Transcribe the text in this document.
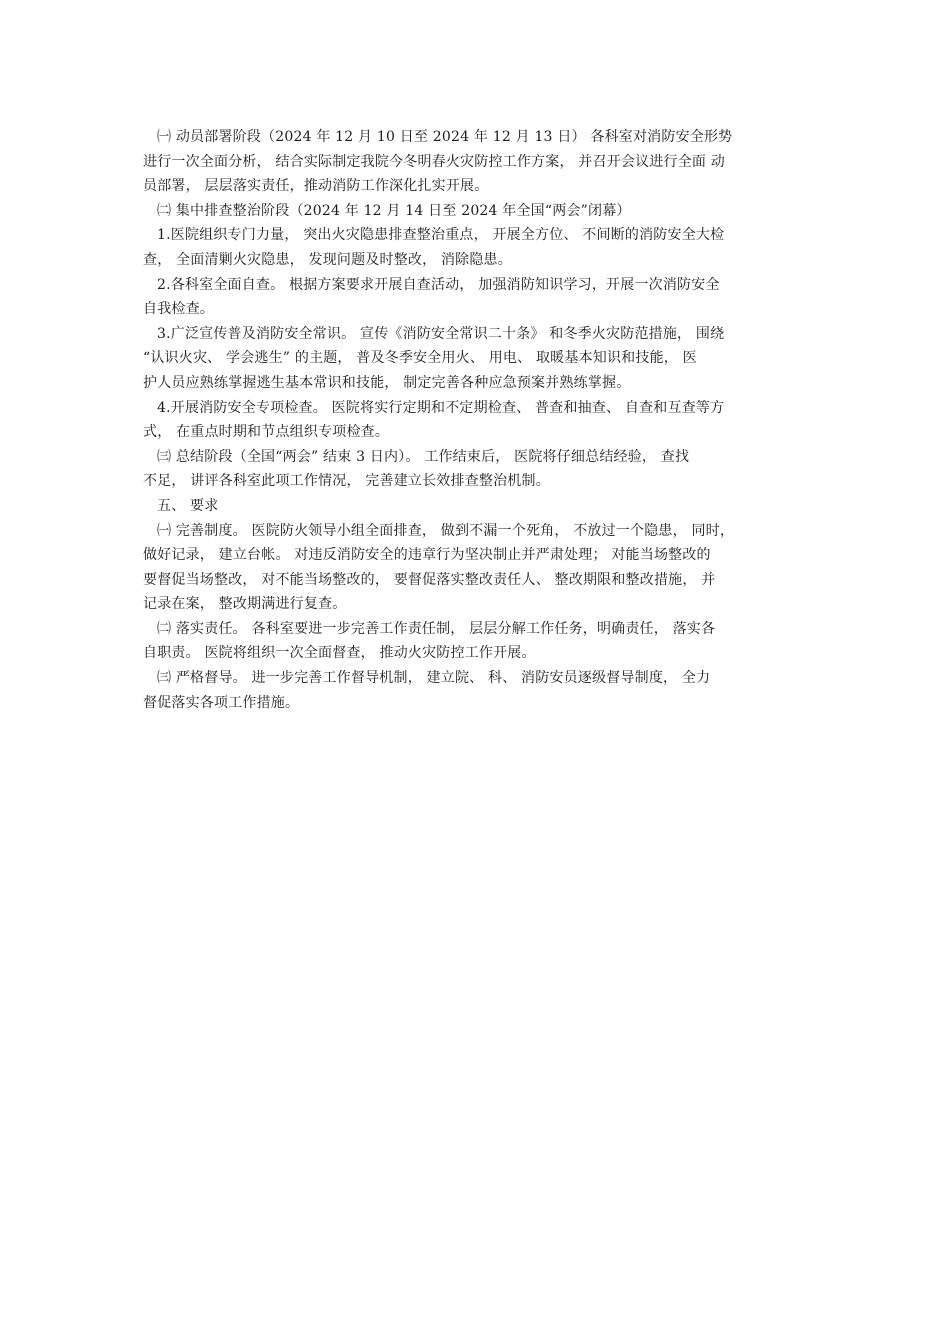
㈠ 动员部署阶段（2024 年 12 月 10 日至 2024 年 12 月 13 日） 各科室对消防安全形势
进行一次全面分析， 结合实际制定我院今冬明春火灾防控工作方案， 并召开会议进行全面 动
员部署， 层层落实责任，推动消防工作深化扎实开展。
㈡ 集中排查整治阶段（2024 年 12 月 14 日至 2024 年全国“两会”闭幕）
1.医院组织专门力量， 突出火灾隐患排查整治重点， 开展全方位、 不间断的消防安全大检
查， 全面清剿火灾隐患， 发现问题及时整改， 消除隐患。
2.各科室全面自查。 根据方案要求开展自查活动， 加强消防知识学习，开展一次消防安全
自我检查。
3.广泛宣传普及消防安全常识。 宣传《消防安全常识二十条》 和冬季火灾防范措施， 围绕
“认识火灾、 学会逃生” 的主题， 普及冬季安全用火、 用电、 取暖基本知识和技能， 医
护人员应熟练掌握逃生基本常识和技能， 制定完善各种应急预案并熟练掌握。
4.开展消防安全专项检查。 医院将实行定期和不定期检查、 普查和抽查、 自查和互查等方
式， 在重点时期和节点组织专项检查。
㈢ 总结阶段（全国“两会” 结束 3 日内）。 工作结束后， 医院将仔细总结经验， 查找
不足， 讲评各科室此项工作情况， 完善建立长效排查整治机制。
五、 要求
㈠ 完善制度。 医院防火领导小组全面排查， 做到不漏一个死角， 不放过一个隐患， 同时，
做好记录， 建立台帐。 对违反消防安全的违章行为坚决制止并严肃处理； 对能当场整改的
要督促当场整改， 对不能当场整改的， 要督促落实整改责任人、 整改期限和整改措施， 并
记录在案， 整改期满进行复查。
㈡ 落实责任。 各科室要进一步完善工作责任制， 层层分解工作任务，明确责任， 落实各
自职责。 医院将组织一次全面督查， 推动火灾防控工作开展。
㈢ 严格督导。 进一步完善工作督导机制， 建立院、 科、 消防安员逐级督导制度， 全力
督促落实各项工作措施。
